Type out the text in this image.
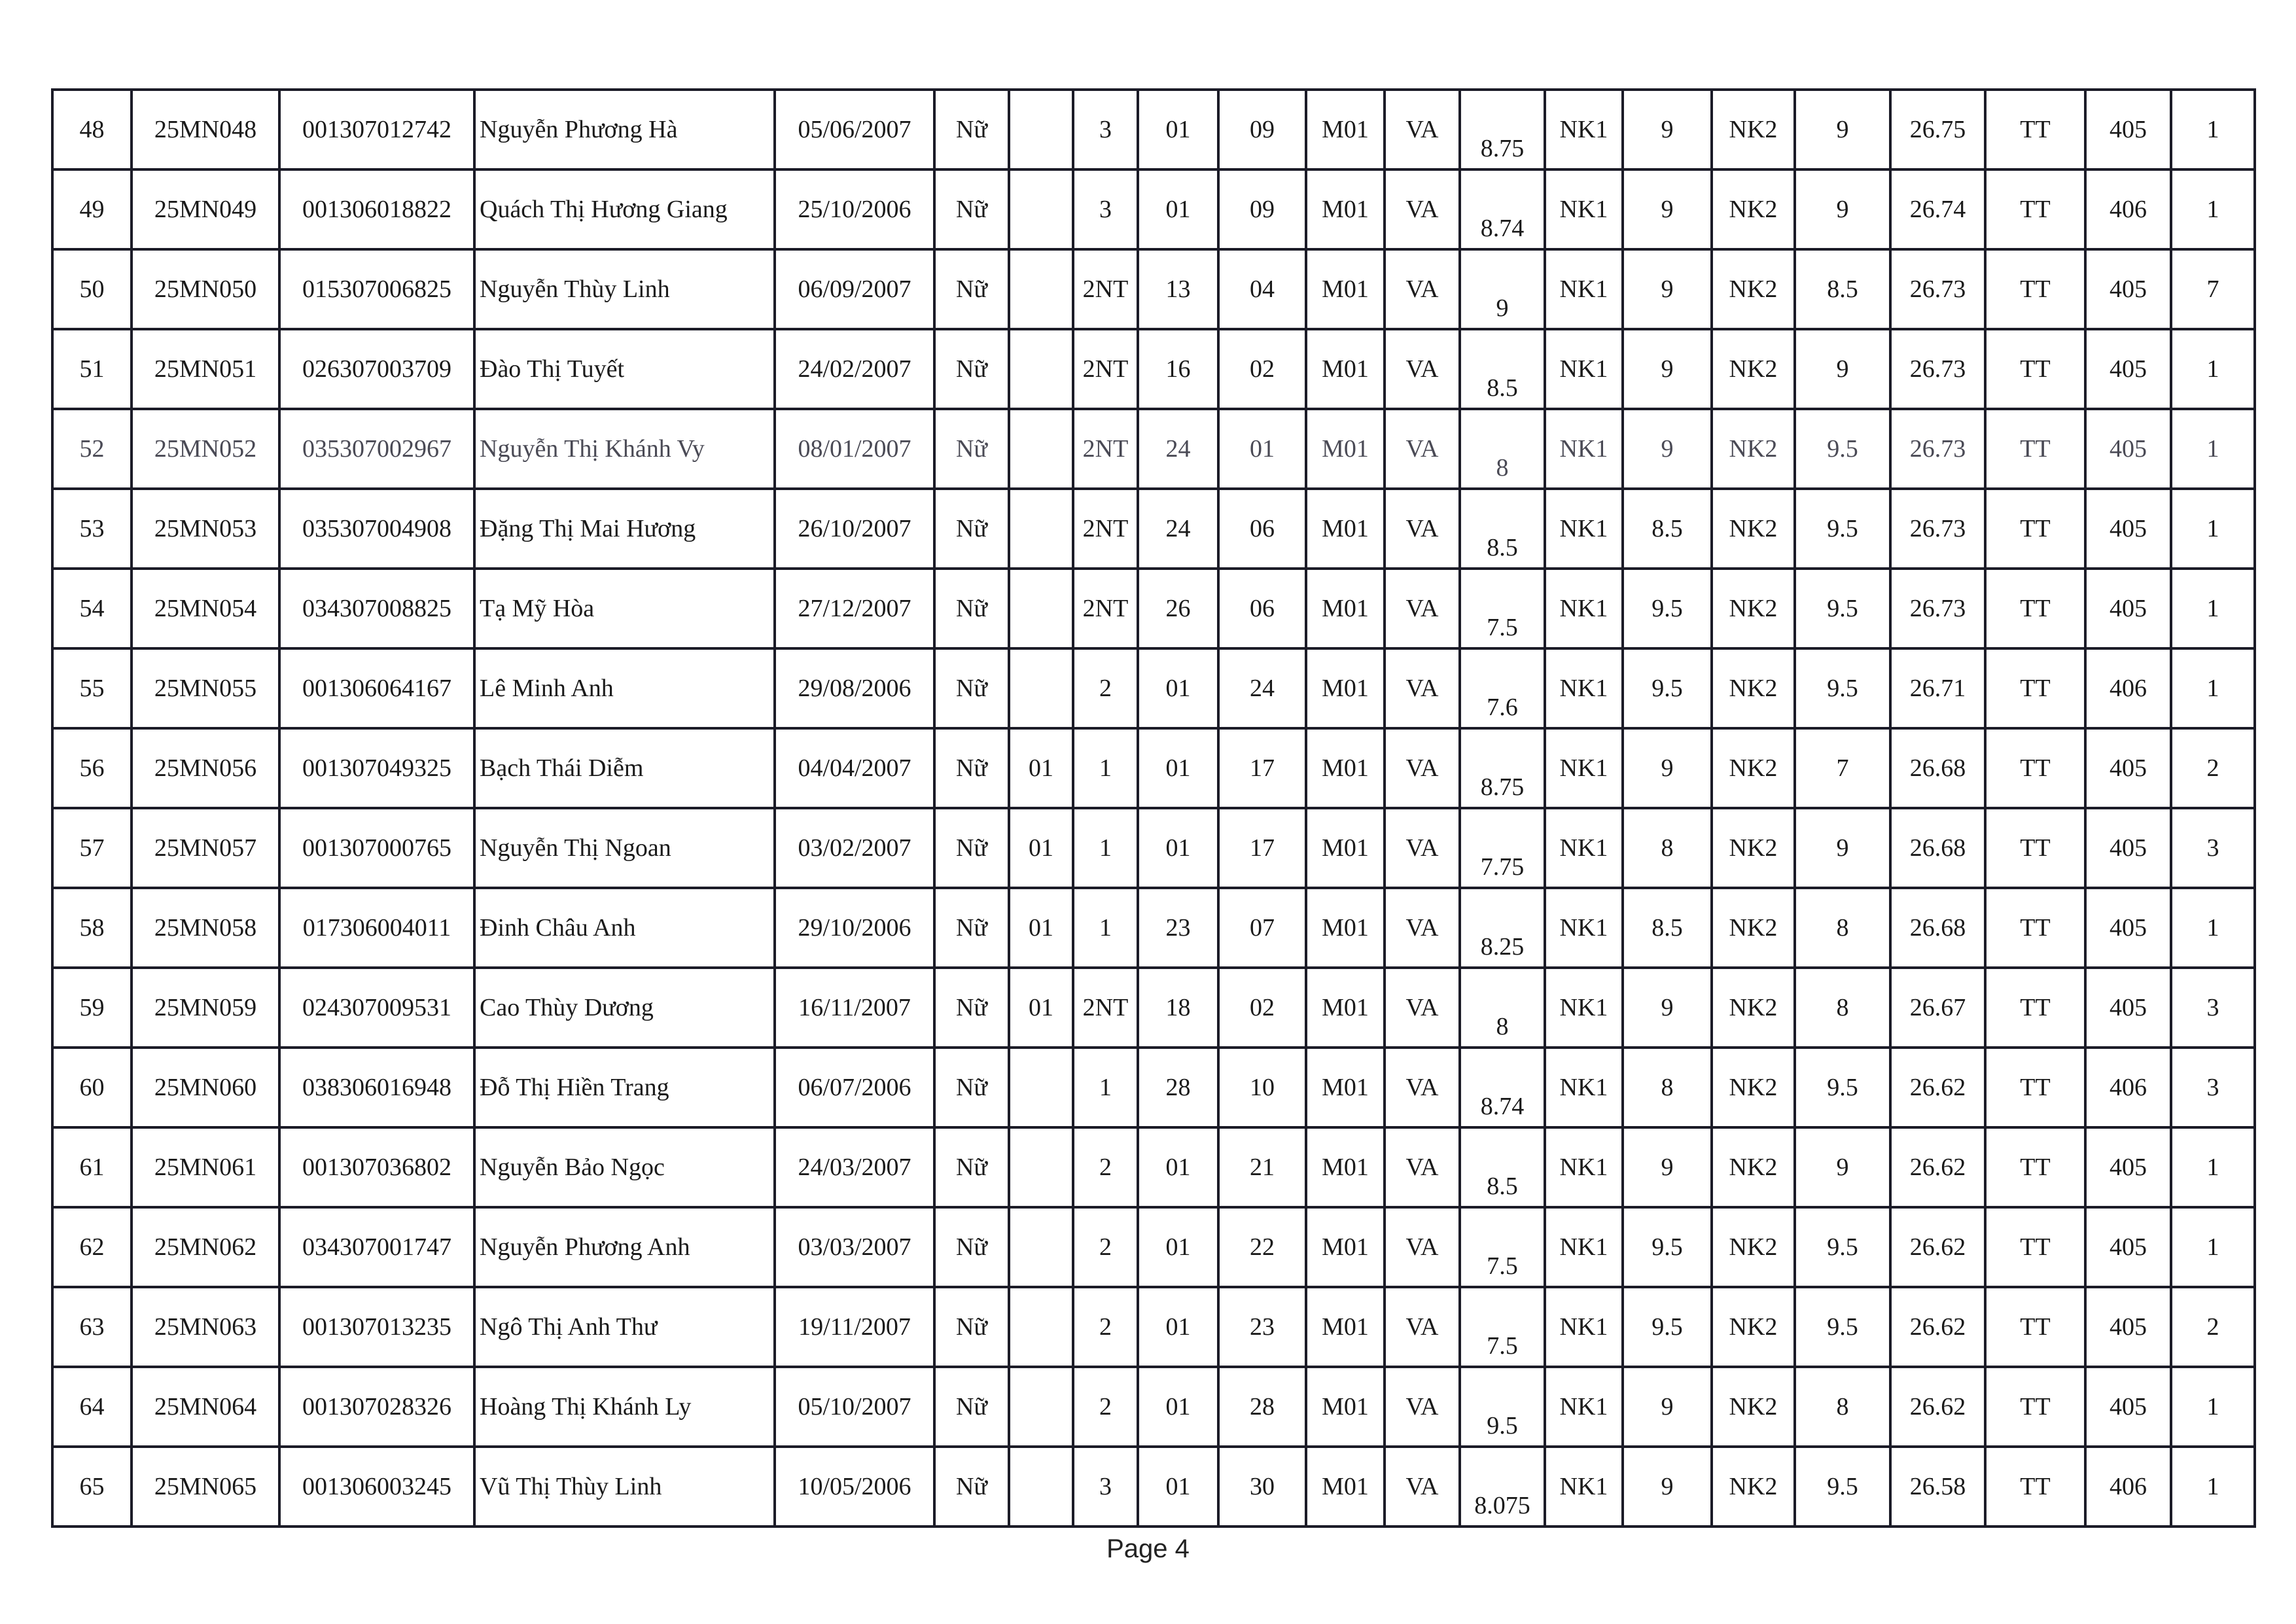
48	25MN048	001307012742	Nguyễn Phương Hà	05/06/2007	Nữ		3	01	09	M01	VA	8.75	NK1	9	NK2	9	26.75	TT	405	1
49	25MN049	001306018822	Quách Thị Hương Giang	25/10/2006	Nữ		3	01	09	M01	VA	8.74	NK1	9	NK2	9	26.74	TT	406	1
50	25MN050	015307006825	Nguyễn Thùy Linh	06/09/2007	Nữ		2NT	13	04	M01	VA	9	NK1	9	NK2	8.5	26.73	TT	405	7
51	25MN051	026307003709	Đào Thị Tuyết	24/02/2007	Nữ		2NT	16	02	M01	VA	8.5	NK1	9	NK2	9	26.73	TT	405	1
52	25MN052	035307002967	Nguyễn Thị Khánh Vy	08/01/2007	Nữ		2NT	24	01	M01	VA	8	NK1	9	NK2	9.5	26.73	TT	405	1
53	25MN053	035307004908	Đặng Thị Mai Hương	26/10/2007	Nữ		2NT	24	06	M01	VA	8.5	NK1	8.5	NK2	9.5	26.73	TT	405	1
54	25MN054	034307008825	Tạ Mỹ Hòa	27/12/2007	Nữ		2NT	26	06	M01	VA	7.5	NK1	9.5	NK2	9.5	26.73	TT	405	1
55	25MN055	001306064167	Lê Minh Anh	29/08/2006	Nữ		2	01	24	M01	VA	7.6	NK1	9.5	NK2	9.5	26.71	TT	406	1
56	25MN056	001307049325	Bạch Thái Diễm	04/04/2007	Nữ	01	1	01	17	M01	VA	8.75	NK1	9	NK2	7	26.68	TT	405	2
57	25MN057	001307000765	Nguyễn Thị Ngoan	03/02/2007	Nữ	01	1	01	17	M01	VA	7.75	NK1	8	NK2	9	26.68	TT	405	3
58	25MN058	017306004011	Đinh Châu Anh	29/10/2006	Nữ	01	1	23	07	M01	VA	8.25	NK1	8.5	NK2	8	26.68	TT	405	1
59	25MN059	024307009531	Cao Thùy Dương	16/11/2007	Nữ	01	2NT	18	02	M01	VA	8	NK1	9	NK2	8	26.67	TT	405	3
60	25MN060	038306016948	Đỗ Thị Hiền Trang	06/07/2006	Nữ		1	28	10	M01	VA	8.74	NK1	8	NK2	9.5	26.62	TT	406	3
61	25MN061	001307036802	Nguyễn Bảo Ngọc	24/03/2007	Nữ		2	01	21	M01	VA	8.5	NK1	9	NK2	9	26.62	TT	405	1
62	25MN062	034307001747	Nguyễn Phương Anh	03/03/2007	Nữ		2	01	22	M01	VA	7.5	NK1	9.5	NK2	9.5	26.62	TT	405	1
63	25MN063	001307013235	Ngô Thị Anh Thư	19/11/2007	Nữ		2	01	23	M01	VA	7.5	NK1	9.5	NK2	9.5	26.62	TT	405	2
64	25MN064	001307028326	Hoàng Thị Khánh Ly	05/10/2007	Nữ		2	01	28	M01	VA	9.5	NK1	9	NK2	8	26.62	TT	405	1
65	25MN065	001306003245	Vũ Thị Thùy Linh	10/05/2006	Nữ		3	01	30	M01	VA	8.075	NK1	9	NK2	9.5	26.58	TT	406	1
Page 4
